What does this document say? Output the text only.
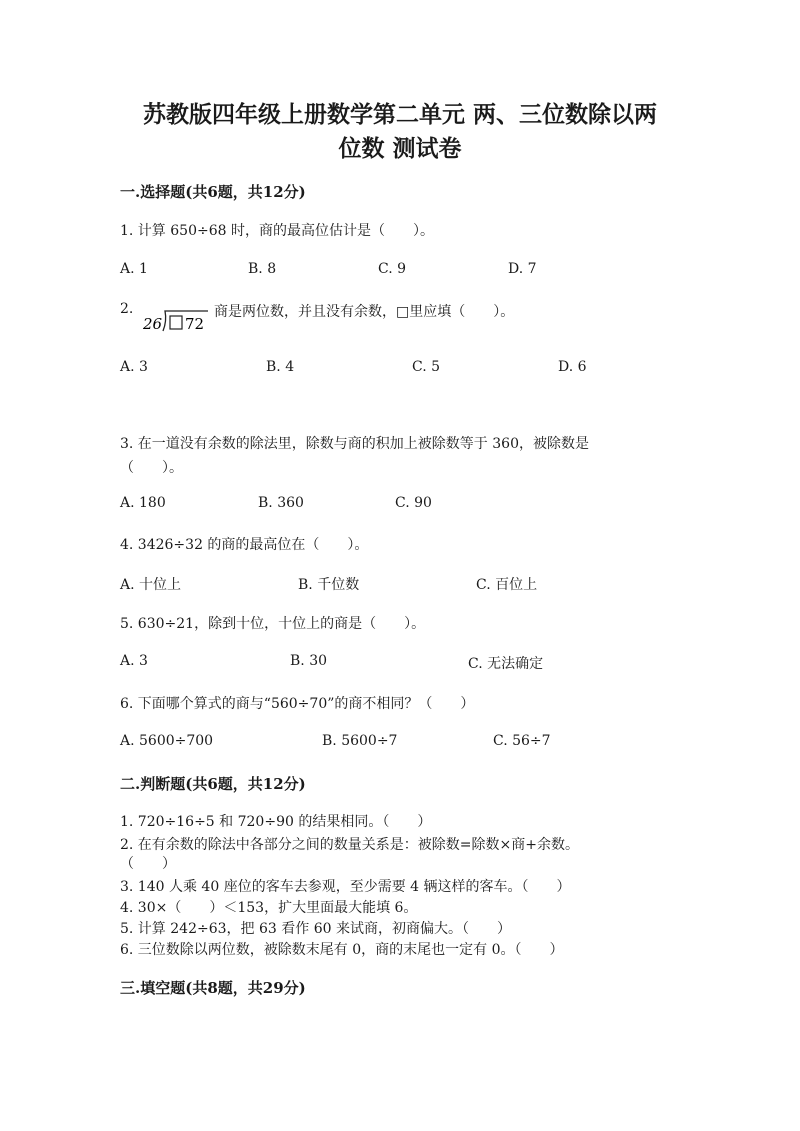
苏教版四年级上册数学第二单元 两、三位数除以两
位数 测试卷
一.选择题(共6题，共12分)
1. 计算 650÷68 时，商的最高位估计是（　　）。
A. 1	B. 8	C. 9	D. 7
2.
26 72
商是两位数，并且没有余数，□里应填（　　）。
A. 3	B. 4	C. 5	D. 6
3. 在一道没有余数的除法里，除数与商的积加上被除数等于 360，被除数是
（　　）。
A. 180	B. 360	C. 90
4. 3426÷32 的商的最高位在（　　）。
A. 十位上	B. 千位数	C. 百位上
5. 630÷21，除到十位，十位上的商是（　　）。
A. 3	B. 30	C. 无法确定
6. 下面哪个算式的商与“560÷70”的商不相同？（　　）
A. 5600÷700	B. 5600÷7	C. 56÷7
二.判断题(共6题，共12分)
1. 720÷16÷5 和 720÷90 的结果相同。（　　）
2. 在有余数的除法中各部分之间的数量关系是：被除数=除数×商+余数。
（　　）
3. 140 人乘 40 座位的客车去参观，至少需要 4 辆这样的客车。（　　）
4. 30×（　　）＜153，扩大里面最大能填 6。
5. 计算 242÷63，把 63 看作 60 来试商，初商偏大。（　　）
6. 三位数除以两位数，被除数末尾有 0，商的末尾也一定有 0。（　　）
三.填空题(共8题，共29分)
